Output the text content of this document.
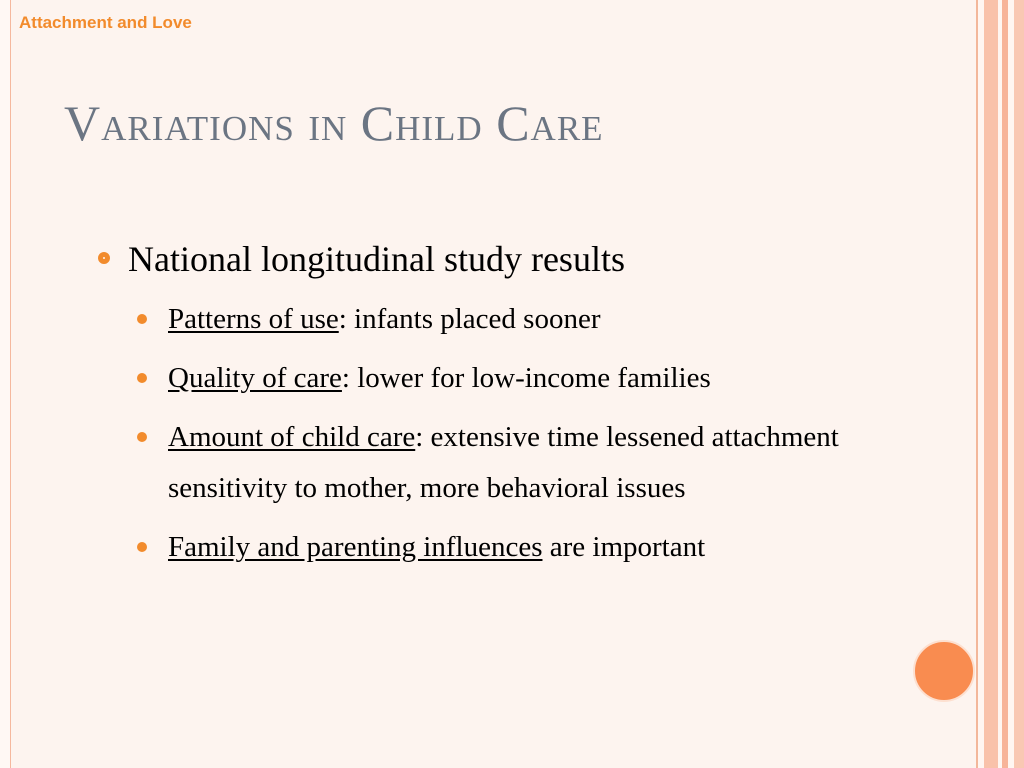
Attachment and Love

Variations in Child Care
National longitudinal study results
Patterns of use: infants placed sooner
Quality of care: lower for low-income families
Amount of child care: extensive time lessened attachment sensitivity to mother, more behavioral issues
Family and parenting influences are important
